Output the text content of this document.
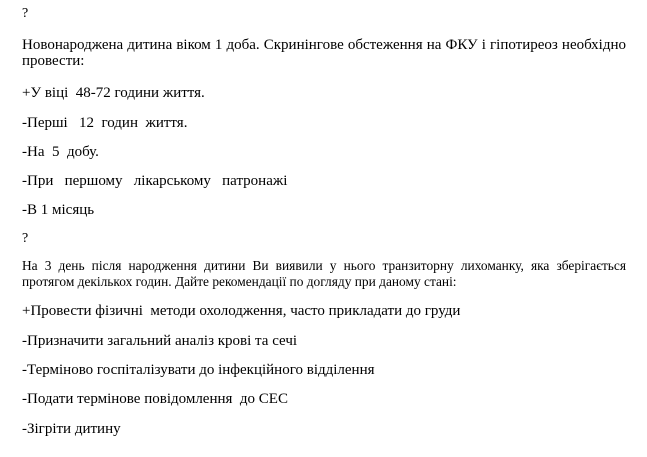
?
Новонароджена дитина віком 1 доба. Скринінгове обстеження на ФКУ і гіпотиреоз необхідно провести:
+У віці  48-72 години життя.
-Перші   12  годин  життя.
-На  5  добу.
-При   першому   лікарському   патронажі
-В 1 місяць
?
На 3 день після народження дитини Ви виявили у нього транзиторну лихоманку, яка зберігається протягом декількох годин. Дайте рекомендації по догляду при даному стані:
+Провести фізичні  методи охолодження, часто прикладати до груди
-Призначити загальний аналіз крові та сечі
-Терміново госпіталізувати до інфекційного відділення
-Подати термінове повідомлення  до СЕС
-Зігріти дитину
